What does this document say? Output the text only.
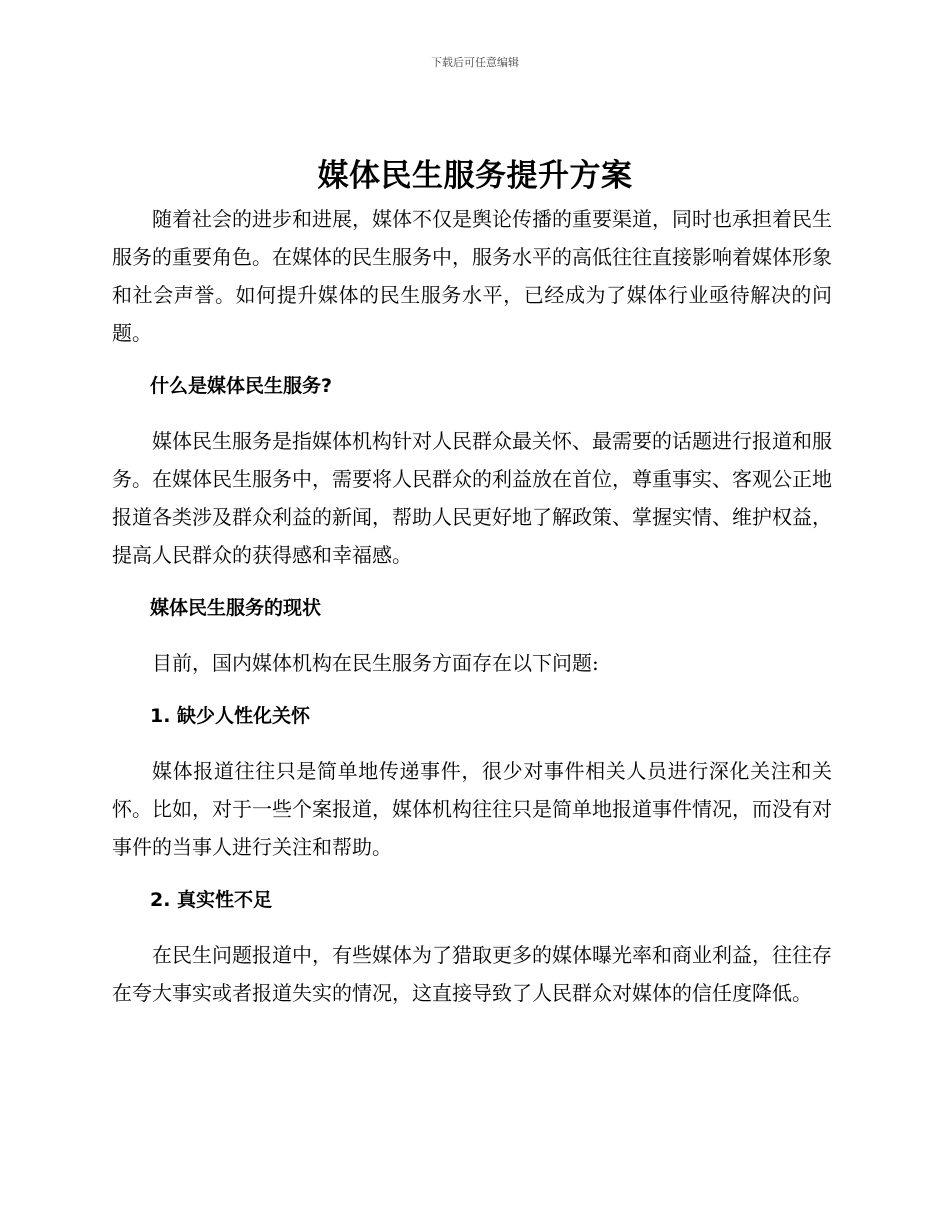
下载后可任意编辑
媒体民生服务提升方案

随着社会的进步和进展，媒体不仅是舆论传播的重要渠道，同时也承担着民生服务的重要角色。在媒体的民生服务中，服务水平的高低往往直接影响着媒体形象和社会声誉。如何提升媒体的民生服务水平，已经成为了媒体行业亟待解决的问题。

什么是媒体民生服务?

媒体民生服务是指媒体机构针对人民群众最关怀、最需要的话题进行报道和服务。在媒体民生服务中，需要将人民群众的利益放在首位，尊重事实、客观公正地报道各类涉及群众利益的新闻，帮助人民更好地了解政策、掌握实情、维护权益，提高人民群众的获得感和幸福感。

媒体民生服务的现状

目前，国内媒体机构在民生服务方面存在以下问题:

1. 缺少人性化关怀

媒体报道往往只是简单地传递事件，很少对事件相关人员进行深化关注和关怀。比如，对于一些个案报道，媒体机构往往只是简单地报道事件情况，而没有对事件的当事人进行关注和帮助。

2. 真实性不足

在民生问题报道中，有些媒体为了猎取更多的媒体曝光率和商业利益，往往存在夸大事实或者报道失实的情况，这直接导致了人民群众对媒体的信任度降低。
